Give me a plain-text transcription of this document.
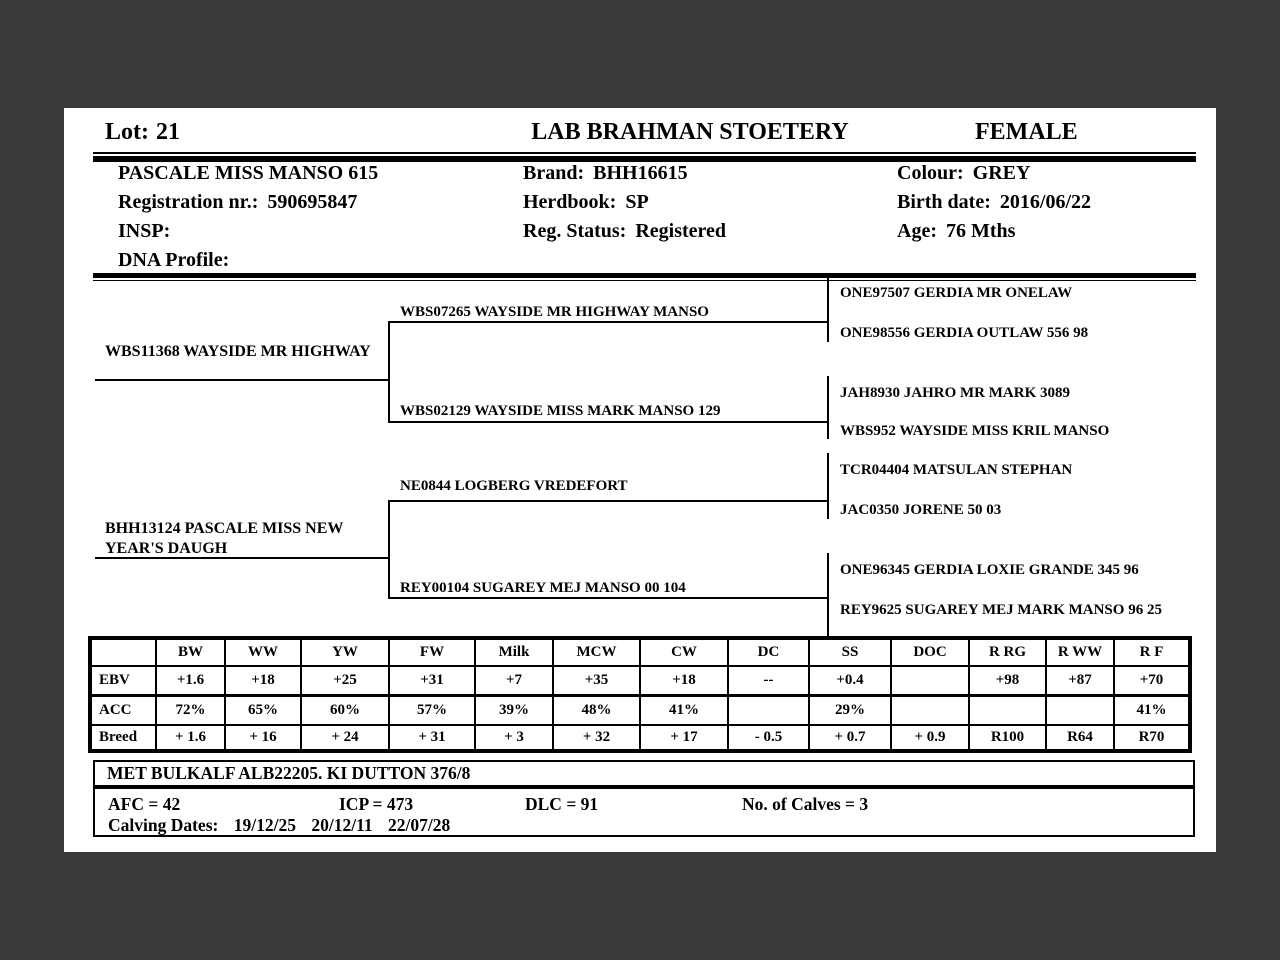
Lot: 21	LAB BRAHMAN STOETERY	FEMALE
PASCALE MISS MANSO 615
Registration nr.: 590695847
INSP:
DNA Profile:
Brand: BHH16615
Herdbook: SP
Reg. Status: Registered
Colour: GREY
Birth date: 2016/06/22
Age: 76 Mths
ONE97507 GERDIA MR ONELAW
WBS07265 WAYSIDE MR HIGHWAY MANSO
ONE98556 GERDIA OUTLAW 556 98
WBS11368 WAYSIDE MR HIGHWAY
JAH8930 JAHRO MR MARK 3089
WBS02129 WAYSIDE MISS MARK MANSO 129
WBS952 WAYSIDE MISS KRIL MANSO
TCR04404 MATSULAN STEPHAN
NE0844 LOGBERG VREDEFORT
JAC0350 JORENE 50 03
BHH13124 PASCALE MISS NEW YEAR'S DAUGH
ONE96345 GERDIA LOXIE GRANDE 345 96
REY00104 SUGAREY MEJ MANSO 00 104
REY9625 SUGAREY MEJ MARK MANSO 96 25
	BW	WW	YW	FW	Milk	MCW	CW	DC	SS	DOC	R RG	R WW	R F
EBV	+1.6	+18	+25	+31	+7	+35	+18	--	+0.4		+98	+87	+70
ACC	72%	65%	60%	57%	39%	48%	41%		29%				41%
Breed	+ 1.6	+ 16	+ 24	+ 31	+ 3	+ 32	+ 17	- 0.5	+ 0.7	+ 0.9	R100	R64	R70
MET BULKALF ALB22205. KI DUTTON 376/8
AFC = 42	ICP = 473	DLC = 91	No. of Calves = 3
Calving Dates: 19/12/25 20/12/11 22/07/28
